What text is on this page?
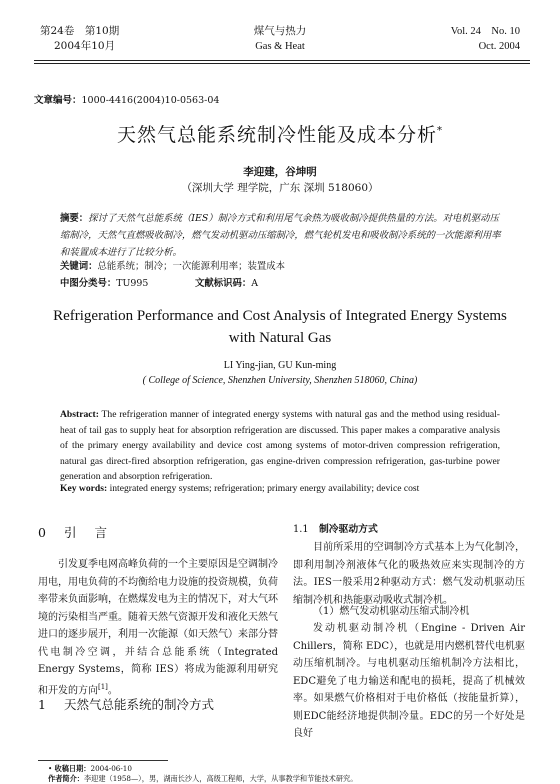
第24卷　第10期
2004年10月
煤气与热力
Gas & Heat
Vol. 24　No. 10
Oct. 2004
文章编号：1000-4416(2004)10-0563-04
天然气总能系统制冷性能及成本分析*
李迎建，谷坤明
（深圳大学 理学院，广东 深圳 518060）
摘要：探讨了天然气总能系统（IES）制冷方式和利用尾气余热为吸收制冷提供热量的方法。对电机驱动压缩制冷，天然气直燃吸收制冷，燃气发动机驱动压缩制冷，燃气轮机发电和吸收制冷系统的一次能源利用率和装置成本进行了比较分析。
关键词：总能系统；制冷；一次能源利用率；装置成本
中图分类号：TU995	文献标识码：A
Refrigeration Performance and Cost Analysis of Integrated Energy Systems with Natural Gas
LI Ying-jian, GU Kun-ming
( College of Science, Shenzhen University, Shenzhen 518060, China)
Abstract: The refrigeration manner of integrated energy systems with natural gas and the method using residual-heat of tail gas to supply heat for absorption refrigeration are discussed. This paper makes a comparative analysis of the primary energy availability and device cost among systems of motor-driven compression refrigeration, natural gas direct-fired absorption refrigeration, gas engine-driven compression refrigeration, gas-turbine power generation and absorption refrigeration.
Key words: integrated energy systems; refrigeration; primary energy availability; device cost
0 引言
引发夏季电网高峰负荷的一个主要原因是空调制冷用电，用电负荷的不均衡给电力设施的投资规模，负荷率带来负面影响，在燃煤发电为主的情况下，对大气环境的污染相当严重。随着天然气资源开发和液化天然气进口的逐步展开，利用一次能源（如天然气）来部分替代电制冷空调，并结合总能系统（Integrated Energy Systems，简称 IES）将成为能源利用研究和开发的方向[1]。
1 天然气总能系统的制冷方式
1.1 制冷驱动方式
目前所采用的空调制冷方式基本上为气化制冷，即利用制冷剂液体气化的吸热效应来实现制冷的方法。IES一般采用2种驱动方式：燃气发动机驱动压缩制冷机和热能驱动吸收式制冷机。
（1）燃气发动机驱动压缩式制冷机
发动机驱动制冷机（Engine - Driven Air Chillers，简称 EDC），也就是用内燃机替代电机驱动压缩机制冷。与电机驱动压缩机制冷方法相比，EDC避免了电力输送和配电的损耗，提高了机械效率。如果燃气价格相对于电价格低（按能量折算），则EDC能经济地提供制冷量。EDC的另一个好处是良好
• 收稿日期：2004-06-10
作者简介：李迎建（1958—），男，湖南长沙人，高级工程师，大学，从事教学和节能技术研究。
